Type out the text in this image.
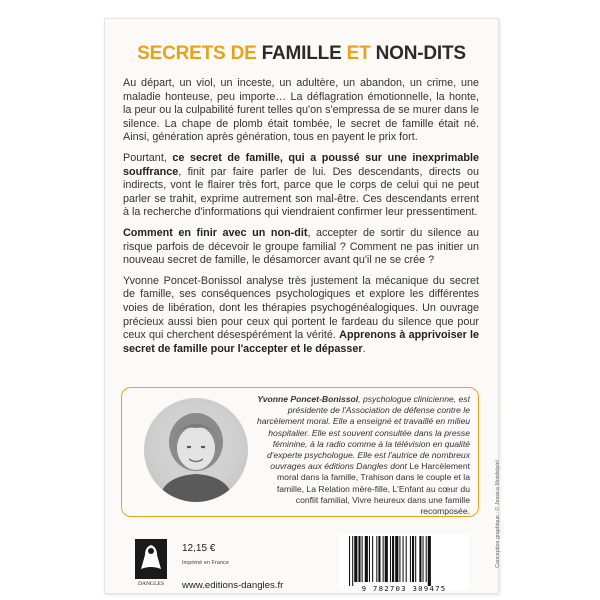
SECRETS DE FAMILLE ET NON-DITS

Au départ, un viol, un inceste, un adultère, un abandon, un crime, une maladie honteuse, peu importe… La déflagration émotionnelle, la honte, la peur ou la culpabilité furent telles qu'on s'empressa de se murer dans le silence. La chape de plomb était tombée, le secret de famille était né. Ainsi, génération après génération, tous en payent le prix fort.

Pourtant, ce secret de famille, qui a poussé sur une inexprimable souffrance, finit par faire parler de lui. Des descendants, directs ou indirects, vont le flairer très fort, parce que le corps de celui qui ne peut parler se trahit, exprime autrement son mal-être. Ces descendants errent à la recherche d'informations qui viendraient confirmer leur pressentiment.

Comment en finir avec un non-dit, accepter de sortir du silence au risque parfois de décevoir le groupe familial ? Comment ne pas initier un nouveau secret de famille, le désamorcer avant qu'il ne se crée ?

Yvonne Poncet-Bonissol analyse très justement la mécanique du secret de famille, ses conséquences psychologiques et explore les différentes voies de libération, dont les thérapies psychogénéalogiques. Un ouvrage précieux aussi bien pour ceux qui portent le fardeau du silence que pour ceux qui cherchent désespérément la vérité. Apprenons à apprivoiser le secret de famille pour l'accepter et le dépasser.

Yvonne Poncet-Bonissol, psychologue clinicienne, est présidente de l'Association de défense contre le harcèlement moral. Elle a enseigné et travaillé en milieu hospitalier. Elle est souvent consultée dans la presse féminine, à la radio comme à la télévision en qualité d'experte psychologue. Elle est l'autrice de nombreux ouvrages aux éditions Dangles dont Le Harcèlement moral dans la famille, Trahison dans le couple et la famille, La Relation mère-fille, L'Enfant au cœur du conflit familial, Vivre heureux dans une famille recomposée.	Conception graphique : © Jessica Moisfelpiel
DANGLES
12,15 €
Imprimé en France
www.editions-dangles.fr	9 782703 309475
